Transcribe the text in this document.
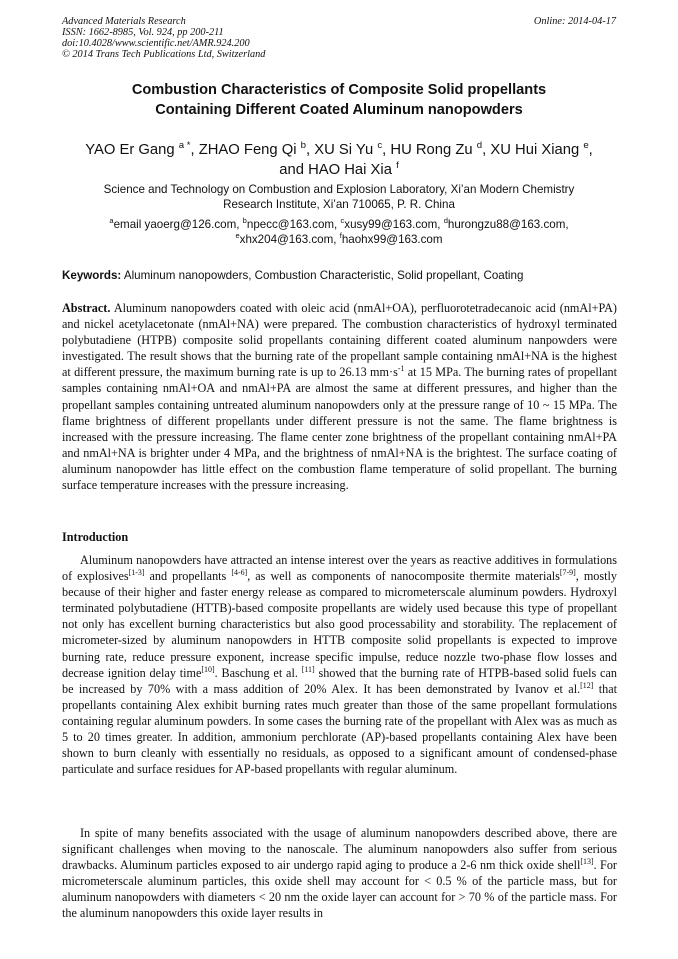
Advanced Materials Research
ISSN: 1662-8985, Vol. 924, pp 200-211
doi:10.4028/www.scientific.net/AMR.924.200
© 2014 Trans Tech Publications Ltd, Switzerland
Online: 2014-04-17
Combustion Characteristics of Composite Solid propellants
Containing Different Coated Aluminum nanopowders
YAO Er Gang $^{a *}$, ZHAO Feng Qi $^b$, XU Si Yu $^c$, HU Rong Zu $^d$, XU Hui Xiang $^e$,
and HAO Hai Xia $^f$
Science and Technology on Combustion and Explosion Laboratory, Xi’an Modern Chemistry
Research Institute, Xi’an 710065, P. R. China
$^a$email yaoerg@126.com, $^b$npecc@163.com, $^c$xusy99@163.com, $^d$hurongzu88@163.com,
$^e$xhx204@163.com, $^f$haohx99@163.com
Keywords: Aluminum nanopowders, Combustion Characteristic, Solid propellant, Coating
Abstract. Aluminum nanopowders coated with oleic acid (nmAl+OA), perfluorotetradecanoic acid (nmAl+PA) and nickel acetylacetonate (nmAl+NA) were prepared. The combustion characteristics of hydroxyl terminated polybutadiene (HTPB) composite solid propellants containing different coated aluminum nanpowders were investigated. The result shows that the burning rate of the propellant sample containing nmAl+NA is the highest at different pressure, the maximum burning rate is up to 26.13 $mm\cdot s^{-1}$ at 15 MPa. The burning rates of propellant samples containing nmAl+OA and nmAl+PA are almost the same at different pressures, and higher than the propellant samples containing untreated aluminum nanopowders only at the pressure range of 10 ~ 15 MPa. The flame brightness of different propellants under different pressure is not the same. The flame brightness is increased with the pressure increasing. The flame center zone brightness of the propellant containing nmAl+PA and nmAl+NA is brighter under 4 MPa, and the brightness of nmAl+NA is the brightest. The surface coating of aluminum nanopowder has little effect on the combustion flame temperature of solid propellant. The burning surface temperature increases with the pressure increasing.
Introduction
Aluminum nanopowders have attracted an intense interest over the years as reactive additives in formulations of explosives[1-3] and propellants [4-6], as well as components of nanocomposite thermite materials[7-9], mostly because of their higher and faster energy release as compared to micrometerscale aluminum powders. Hydroxyl terminated polybutadiene (HTTB)-based composite propellants are widely used because this type of propellant not only has excellent burning characteristics but also good processability and storability. The replacement of micrometer-sized by aluminum nanopowders in HTTB composite solid propellants is expected to improve burning rate, reduce pressure exponent, increase specific impulse, reduce nozzle two-phase flow losses and decrease ignition delay time[10]. Baschung et al. [11] showed that the burning rate of HTPB-based solid fuels can be increased by 70% with a mass addition of 20% Alex. It has been demonstrated by Ivanov et al.[12] that propellants containing Alex exhibit burning rates much greater than those of the same propellant formulations containing regular aluminum powders. In some cases the burning rate of the propellant with Alex was as much as 5 to 20 times greater. In addition, ammonium perchlorate (AP)-based propellants containing Alex have been shown to burn cleanly with essentially no residuals, as opposed to a significant amount of condensed-phase particulate and surface residues for AP-based propellants with regular aluminum.
In spite of many benefits associated with the usage of aluminum nanopowders described above, there are significant challenges when moving to the nanoscale. The aluminum nanopowders also suffer from serious drawbacks. Aluminum particles exposed to air undergo rapid aging to produce a 2-6 nm thick oxide shell[13]. For micrometerscale aluminum particles, this oxide shell may account for < 0.5 % of the particle mass, but for aluminum nanopowders with diameters < 20 nm the oxide layer can account for > 70 % of the particle mass. For the aluminum nanopowders this oxide layer results in
